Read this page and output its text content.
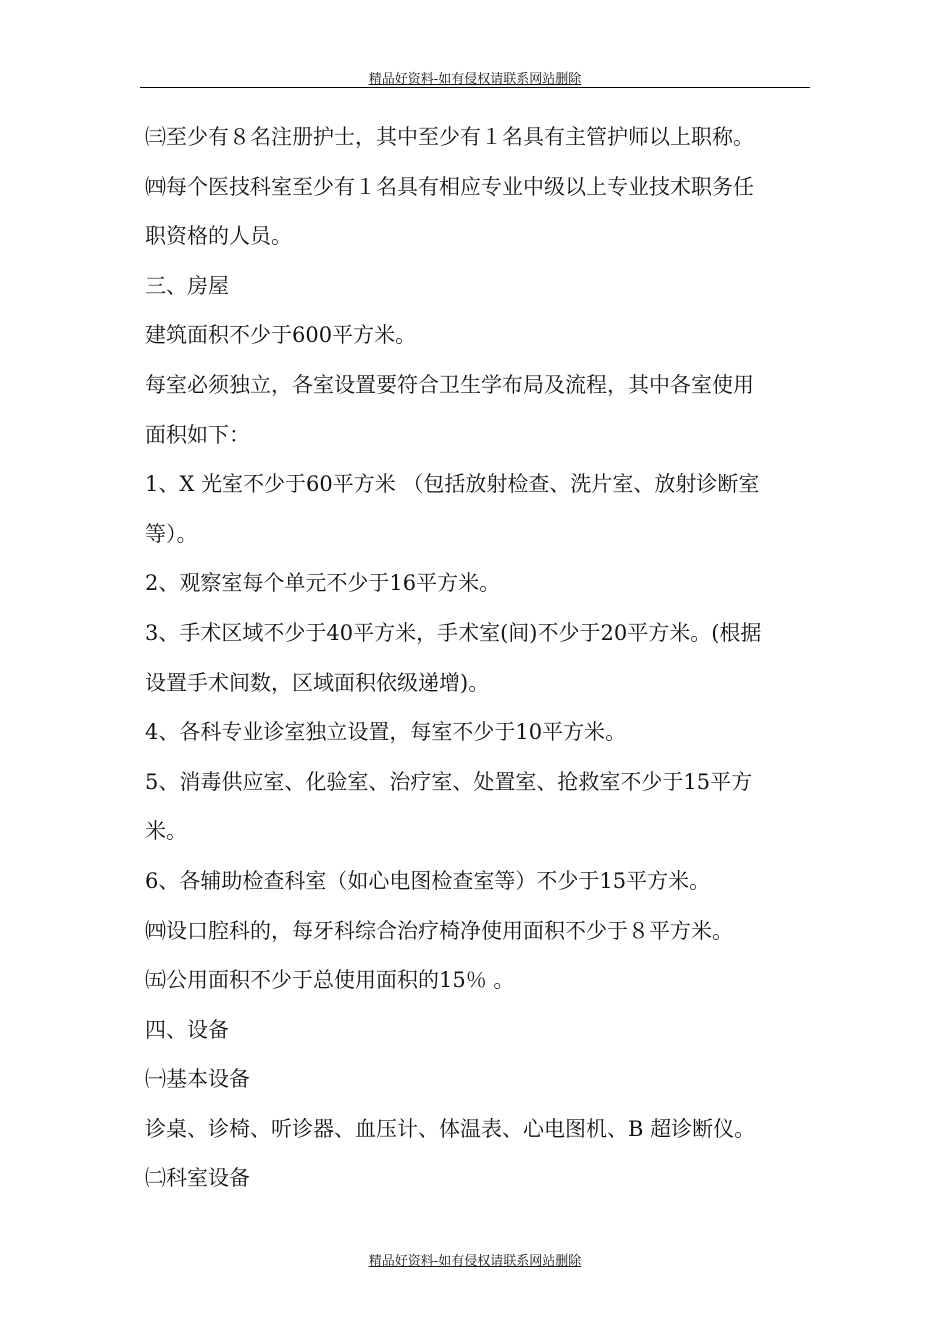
精品好资料-如有侵权请联系网站删除

㈢至少有８名注册护士，其中至少有１名具有主管护师以上职称。

㈣每个医技科室至少有１名具有相应专业中级以上专业技术职务任

职资格的人员。

三、房屋

建筑面积不少于600平方米。

每室必须独立，各室设置要符合卫生学布局及流程，其中各室使用

面积如下：

1、X 光室不少于60平方米 （包括放射检查、洗片室、放射诊断室

等）。

2、观察室每个单元不少于16平方米。

3、手术区域不少于40平方米，手术室(间)不少于20平方米。(根据

设置手术间数，区域面积依级递增)。

4、各科专业诊室独立设置，每室不少于10平方米。

5、消毒供应室、化验室、治疗室、处置室、抢救室不少于15平方

米。

6、各辅助检查科室（如心电图检查室等）不少于15平方米。

㈣设口腔科的，每牙科综合治疗椅净使用面积不少于８平方米。

㈤公用面积不少于总使用面积的15％ 。

四、设备

㈠基本设备

诊桌、诊椅、听诊器、血压计、体温表、心电图机、B 超诊断仪。

㈡科室设备

精品好资料-如有侵权请联系网站删除
